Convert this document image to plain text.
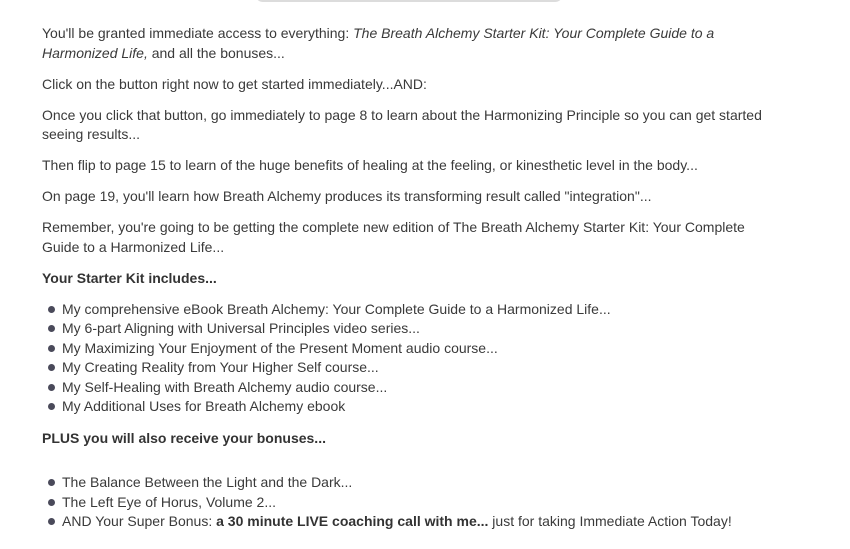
You'll be granted immediate access to everything: The Breath Alchemy Starter Kit: Your Complete Guide to a Harmonized Life, and all the bonuses...

Click on the button right now to get started immediately...AND:

Once you click that button, go immediately to page 8 to learn about the Harmonizing Principle so you can get started seeing results...

Then flip to page 15 to learn of the huge benefits of healing at the feeling, or kinesthetic level in the body...

On page 19, you'll learn how Breath Alchemy produces its transforming result called "integration"...

Remember, you're going to be getting the complete new edition of The Breath Alchemy Starter Kit: Your Complete Guide to a Harmonized Life...

Your Starter Kit includes...

My comprehensive eBook Breath Alchemy: Your Complete Guide to a Harmonized Life...
My 6-part Aligning with Universal Principles video series...
My Maximizing Your Enjoyment of the Present Moment audio course...
My Creating Reality from Your Higher Self course...
My Self-Healing with Breath Alchemy audio course...
My Additional Uses for Breath Alchemy ebook

PLUS you will also receive your bonuses...

The Balance Between the Light and the Dark...
The Left Eye of Horus, Volume 2...
AND Your Super Bonus: a 30 minute LIVE coaching call with me... just for taking Immediate Action Today!
